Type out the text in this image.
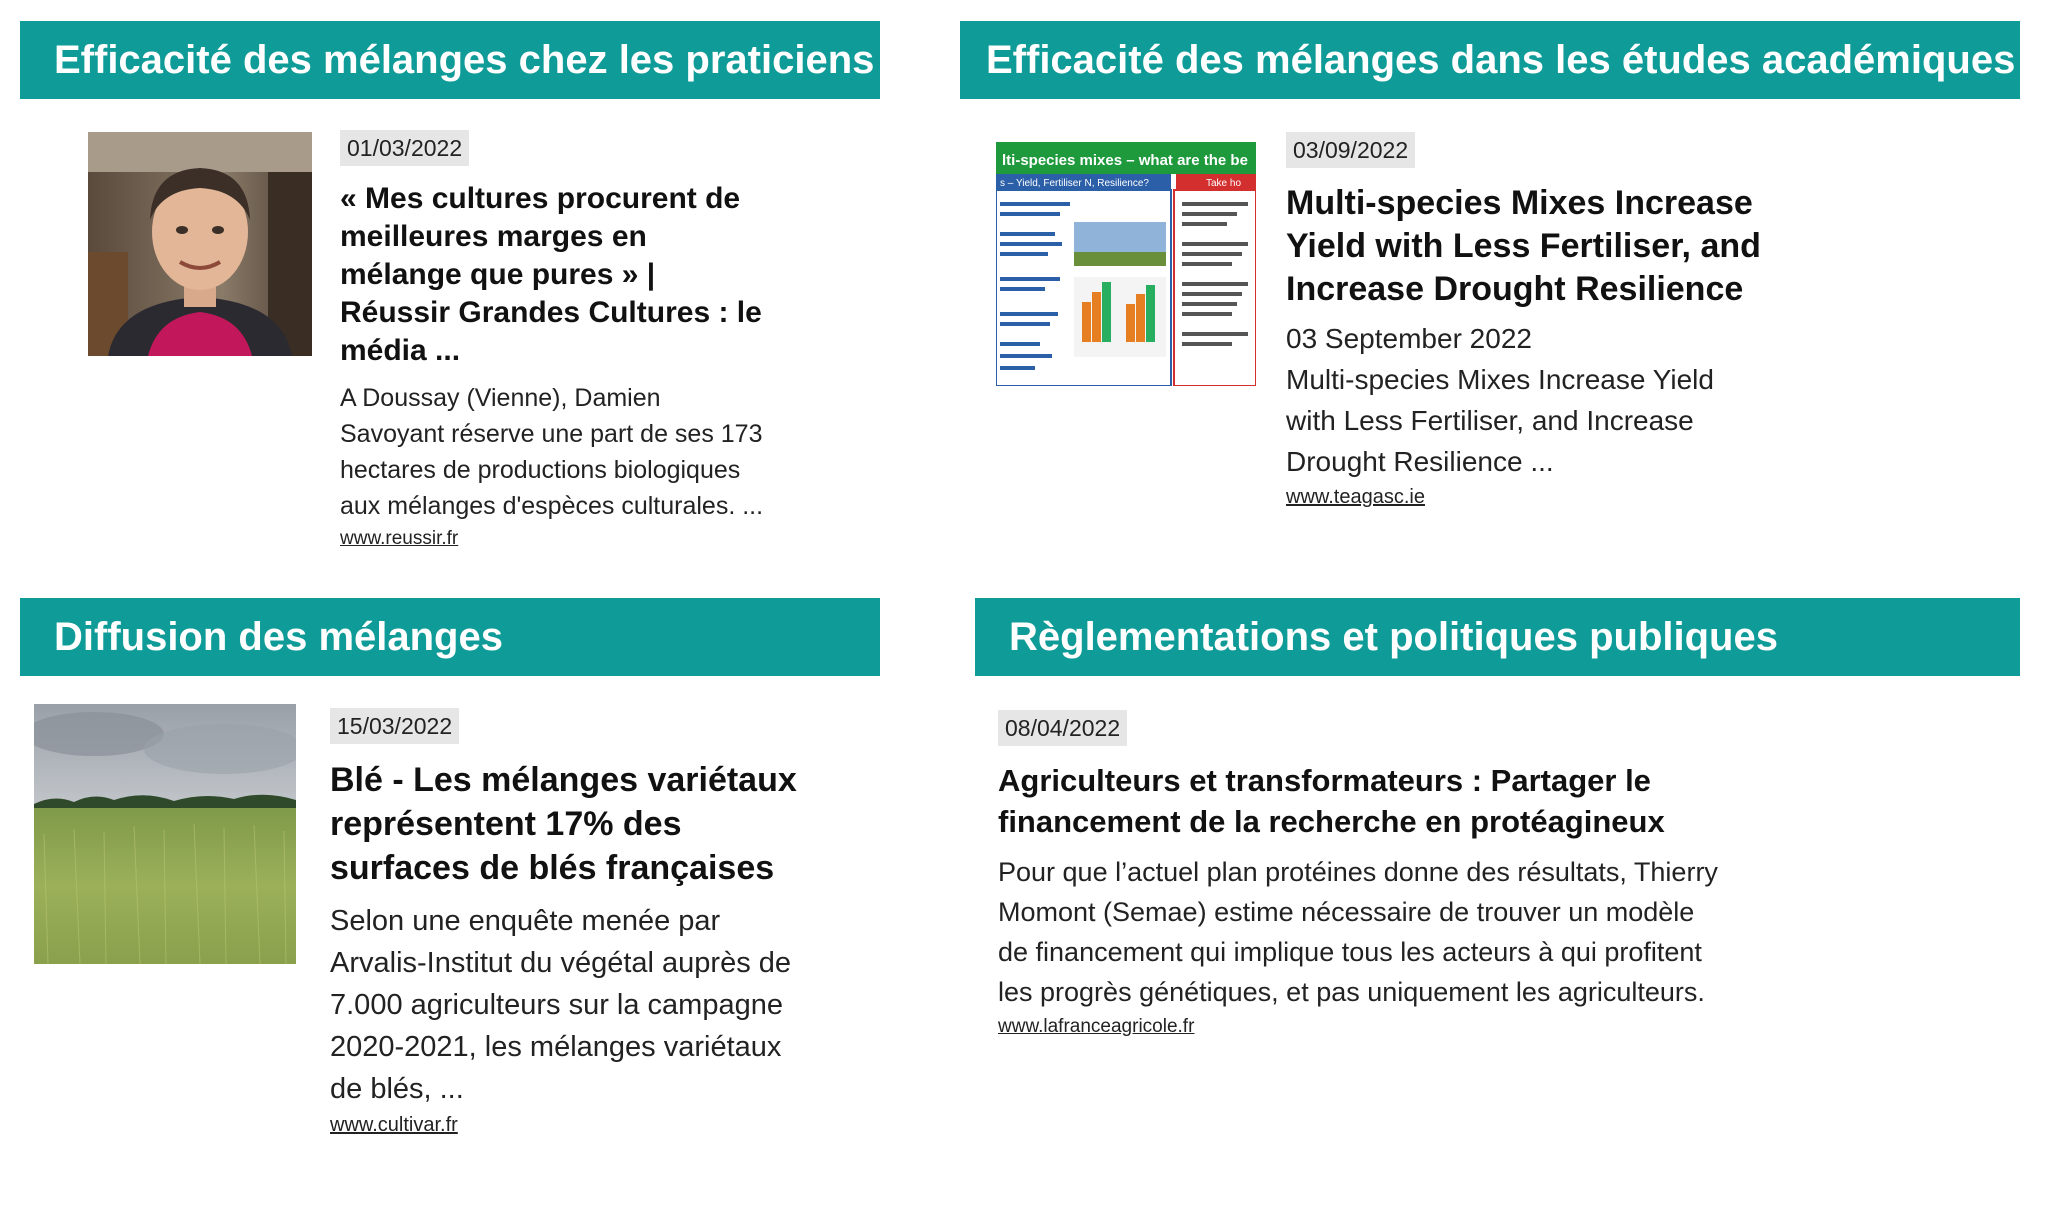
Efficacité des mélanges chez les praticiens
01/03/2022
« Mes cultures procurent de meilleures marges en mélange que pures » | Réussir Grandes Cultures : le média ...
A Doussay (Vienne), Damien Savoyant réserve une part de ses 173 hectares de productions biologiques aux mélanges d'espèces culturales. ...
www.reussir.fr
Efficacité des mélanges dans les études académiques
lti-species mixes – what are the be
s – Yield, Fertiliser N, Resilience?	Take ho
03/09/2022
Multi-species Mixes Increase Yield with Less Fertiliser, and Increase Drought Resilience
03 September 2022
Multi-species Mixes Increase Yield with Less Fertiliser, and Increase Drought Resilience ...
www.teagasc.ie
Diffusion des mélanges
15/03/2022
Blé - Les mélanges variétaux représentent 17% des surfaces de blés françaises
Selon une enquête menée par Arvalis-Institut du végétal auprès de 7.000 agriculteurs sur la campagne 2020-2021, les mélanges variétaux de blés, ...
www.cultivar.fr
Règlementations et politiques publiques
08/04/2022
Agriculteurs et transformateurs : Partager le financement de la recherche en protéagineux
Pour que l’actuel plan protéines donne des résultats, Thierry Momont (Semae) estime nécessaire de trouver un modèle de financement qui implique tous les acteurs à qui profitent les progrès génétiques, et pas uniquement les agriculteurs.
www.lafranceagricole.fr
